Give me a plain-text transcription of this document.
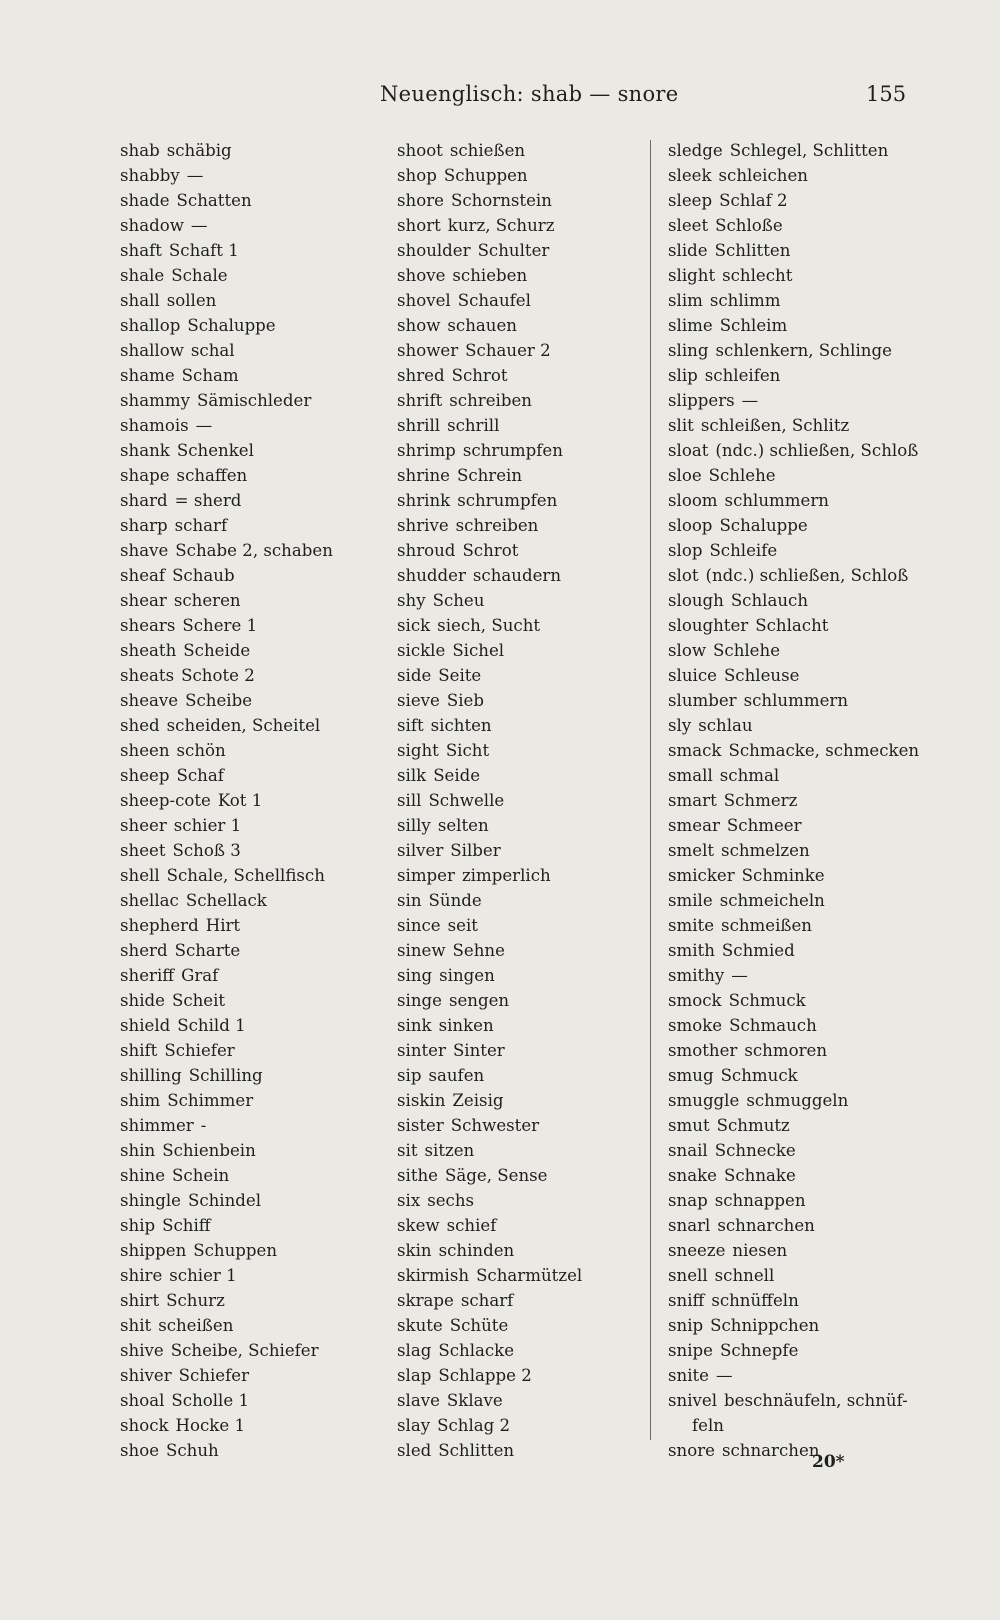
Neuenglisch: shab — snore	155
shab schäbig
shabby —
shade Schatten
shadow —
shaft Schaft 1
shale Schale
shall sollen
shallop Schaluppe
shallow schal
shame Scham
shammy Sämischleder
shamois —
shank Schenkel
shape schaffen
shard = sherd
sharp scharf
shave Schabe 2, schaben
sheaf Schaub
shear scheren
shears Schere 1
sheath Scheide
sheats Schote 2
sheave Scheibe
shed scheiden, Scheitel
sheen schön
sheep Schaf
sheep-cote Kot 1
sheer schier 1
sheet Schoß 3
shell Schale, Schellfisch
shellac Schellack
shepherd Hirt
sherd Scharte
sheriff Graf
shide Scheit
shield Schild 1
shift Schiefer
shilling Schilling
shim Schimmer
shimmer -
shin Schienbein
shine Schein
shingle Schindel
ship Schiff
shippen Schuppen
shire schier 1
shirt Schurz
shit scheißen
shive Scheibe, Schiefer
shiver Schiefer
shoal Scholle 1
shock Hocke 1
shoe Schuh
shoot schießen
shop Schuppen
shore Schornstein
short kurz, Schurz
shoulder Schulter
shove schieben
shovel Schaufel
show schauen
shower Schauer 2
shred Schrot
shrift schreiben
shrill schrill
shrimp schrumpfen
shrine Schrein
shrink schrumpfen
shrive schreiben
shroud Schrot
shudder schaudern
shy Scheu
sick siech, Sucht
sickle Sichel
side Seite
sieve Sieb
sift sichten
sight Sicht
silk Seide
sill Schwelle
silly selten
silver Silber
simper zimperlich
sin Sünde
since seit
sinew Sehne
sing singen
singe sengen
sink sinken
sinter Sinter
sip saufen
siskin Zeisig
sister Schwester
sit sitzen
sithe Säge, Sense
six sechs
skew schief
skin schinden
skirmish Scharmützel
skrape scharf
skute Schüte
slag Schlacke
slap Schlappe 2
slave Sklave
slay Schlag 2
sled Schlitten
sledge Schlegel, Schlitten
sleek schleichen
sleep Schlaf 2
sleet Schloße
slide Schlitten
slight schlecht
slim schlimm
slime Schleim
sling schlenkern, Schlinge
slip schleifen
slippers —
slit schleißen, Schlitz
sloat (ndc.) schließen, Schloß
sloe Schlehe
sloom schlummern
sloop Schaluppe
slop Schleife
slot (ndc.) schließen, Schloß
slough Schlauch
sloughter Schlacht
slow Schlehe
sluice Schleuse
slumber schlummern
sly schlau
smack Schmacke, schmecken
small schmal
smart Schmerz
smear Schmeer
smelt schmelzen
smicker Schminke
smile schmeicheln
smite schmeißen
smith Schmied
smithy —
smock Schmuck
smoke Schmauch
smother schmoren
smug Schmuck
smuggle schmuggeln
smut Schmutz
snail Schnecke
snake Schnake
snap schnappen
snarl schnarchen
sneeze niesen
snell schnell
sniff schnüffeln
snip Schnippchen
snipe Schnepfe
snite —
snivel beschnäufeln, schnüf-
feln
snore schnarchen
20*
